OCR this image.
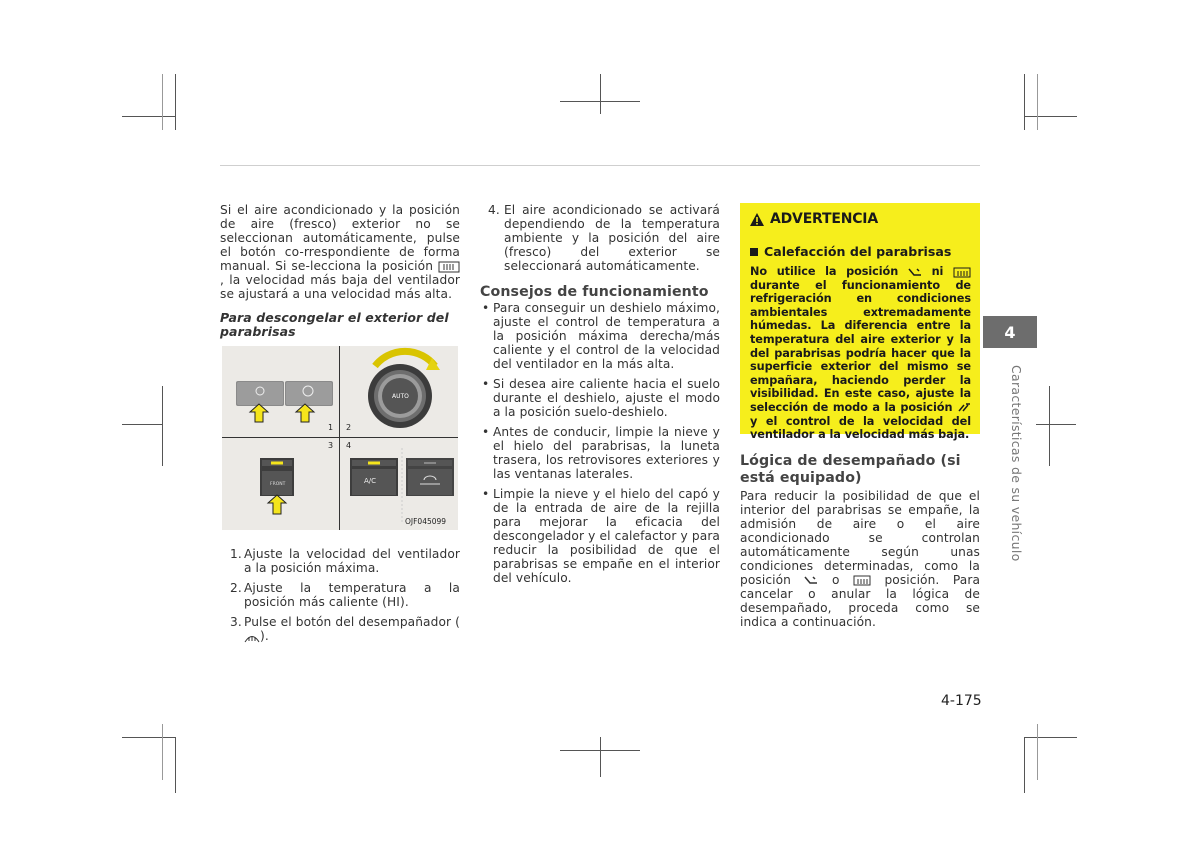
Si el aire acondicionado y la posición de aire (fresco) exterior no se seleccionan automáticamente, pulse el botón co-rrespondiente de forma manual. Si se-lecciona la posición  , la velocidad más baja del ventilador se ajustará a una velocidad más alta.

Para descongelar el exterior del parabrisas
AUTO
FRONT	A/C
1 2
3 4
OJF045099
1. Ajuste la velocidad del ventilador a la posición máxima.
2. Ajuste la temperatura a la posición más caliente (HI).
3. Pulse el botón del desempañador ().
4. El aire acondicionado se activará dependiendo de la temperatura ambiente y la posición del aire (fresco) del exterior se seleccionará automáticamente.
Consejos de funcionamiento
• Para conseguir un deshielo máximo, ajuste el control de temperatura a la posición máxima derecha/más caliente y el control de la velocidad del ventilador en la más alta.
• Si desea aire caliente hacia el suelo durante el deshielo, ajuste el modo a la posición suelo-deshielo.
• Antes de conducir, limpie la nieve y el hielo del parabrisas, la luneta trasera, los retrovisores exteriores y las ventanas laterales.
• Limpie la nieve y el hielo del capó y de la entrada de aire de la rejilla para mejorar la eficacia del descongelador y el calefactor y para reducir la posibilidad de que el parabrisas se empañe en el interior del vehículo.
ADVERTENCIA
Calefacción del parabrisas
No utilice la posición	ni  durante el funcionamiento de refrigeración en condiciones ambientales extremadamente húmedas. La diferencia entre la temperatura del aire exterior y la del parabrisas podría hacer que la superficie exterior del mismo se empañara, haciendo perder la visibilidad. En este caso, ajuste la selección de modo a la posición  y el control de la velocidad del ventilador a la velocidad más baja.
Lógica de desempañado (si está equipado)

Para reducir la posibilidad de que el interior del parabrisas se empañe, la admisión de aire o el aire acondicionado se controlan automáticamente según unas condiciones determinadas, como la posición	o	posición. Para cancelar o anular la lógica de desempañado, proceda como se indica a continuación.

4
Características de su vehículo
4-175
